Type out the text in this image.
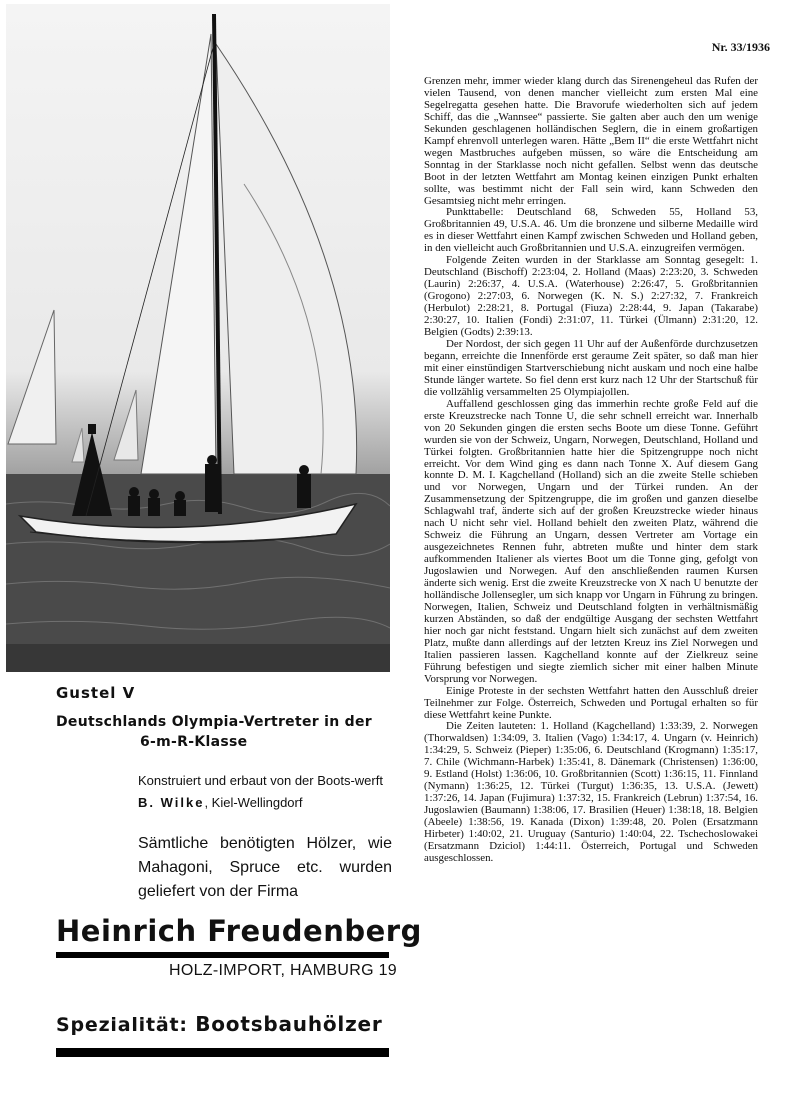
Gustel V
Deutschlands Olympia-Vertreter in der
6-m-R-Klasse
Konstruiert und erbaut von der Boots-werft B. Wilke, Kiel-Wellingdorf
Sämtliche benötigten Hölzer, wie Mahagoni, Spruce etc. wurden geliefert von der Firma
Heinrich Freudenberg
HOLZ-IMPORT, HAMBURG 19
Spezialität: Bootsbauhölzer
Nr. 33/1936

Grenzen mehr, immer wieder klang durch das Sirenengeheul das Rufen der vielen Tausend, von denen mancher vielleicht zum ersten Mal eine Segelregatta gesehen hatte. Die Bravorufe wiederholten sich auf jedem Schiff, das die „Wannsee“ passierte. Sie galten aber auch den um wenige Sekunden geschlagenen holländischen Seglern, die in einem großartigen Kampf ehrenvoll unterlegen waren. Hätte „Bem II“ die erste Wettfahrt nicht wegen Mastbruches aufgeben müssen, so wäre die Entscheidung am Sonntag in der Starklasse noch nicht gefallen. Selbst wenn das deutsche Boot in der letzten Wettfahrt am Montag keinen einzigen Punkt erhalten sollte, was bestimmt nicht der Fall sein wird, kann Schweden den Gesamtsieg nicht mehr erringen.

Punkttabelle: Deutschland 68, Schweden 55, Holland 53, Großbritannien 49, U.S.A. 46. Um die bronzene und silberne Medaille wird es in dieser Wettfahrt einen Kampf zwischen Schweden und Holland geben, in den vielleicht auch Großbritannien und U.S.A. einzugreifen vermögen.

Folgende Zeiten wurden in der Starklasse am Sonntag gesegelt: 1. Deutschland (Bischoff) 2:23:04, 2. Holland (Maas) 2:23:20, 3. Schweden (Laurin) 2:26:37, 4. U.S.A. (Waterhouse) 2:26:47, 5. Großbritannien (Grogono) 2:27:03, 6. Norwegen (K. N. S.) 2:27:32, 7. Frankreich (Herbulot) 2:28:21, 8. Portugal (Fiuza) 2:28:44, 9. Japan (Takarabe) 2:30:27, 10. Italien (Fondi) 2:31:07, 11. Türkei (Ülmann) 2:31:20, 12. Belgien (Godts) 2:39:13.

Der Nordost, der sich gegen 11 Uhr auf der Außenförde durchzusetzen begann, erreichte die Innenförde erst geraume Zeit später, so daß man hier mit einer einstündigen Startverschiebung nicht auskam und noch eine halbe Stunde länger wartete. So fiel denn erst kurz nach 12 Uhr der Startschuß für die vollzählig versammelten 25 Olympiajollen.

Auffallend geschlossen ging das immerhin rechte große Feld auf die erste Kreuzstrecke nach Tonne U, die sehr schnell erreicht war. Innerhalb von 20 Sekunden gingen die ersten sechs Boote um diese Tonne. Geführt wurden sie von der Schweiz, Ungarn, Norwegen, Deutschland, Holland und Türkei folgten. Großbritannien hatte hier die Spitzengruppe noch nicht erreicht. Vor dem Wind ging es dann nach Tonne X. Auf diesem Gang konnte D. M. I. Kagchelland (Holland) sich an die zweite Stelle schieben und vor Norwegen, Ungarn und der Türkei runden. An der Zusammensetzung der Spitzengruppe, die im großen und ganzen dieselbe Schlagwahl traf, änderte sich auf der großen Kreuzstrecke wieder hinaus nach U nicht sehr viel. Holland behielt den zweiten Platz, während die Schweiz die Führung an Ungarn, dessen Vertreter am Vortage ein ausgezeichnetes Rennen fuhr, abtreten mußte und hinter dem stark aufkommenden Italiener als viertes Boot um die Tonne ging, gefolgt von Jugoslawien und Norwegen. Auf den anschließenden raumen Kursen änderte sich wenig. Erst die zweite Kreuzstrecke von X nach U benutzte der holländische Jollensegler, um sich knapp vor Ungarn in Führung zu bringen. Norwegen, Italien, Schweiz und Deutschland folgten in verhältnismäßig kurzen Abständen, so daß der endgültige Ausgang der sechsten Wettfahrt hier noch gar nicht feststand. Ungarn hielt sich zunächst auf dem zweiten Platz, mußte dann allerdings auf der letzten Kreuz ins Ziel Norwegen und Italien passieren lassen. Kagchelland konnte auf der Zielkreuz seine Führung befestigen und siegte ziemlich sicher mit einer halben Minute Vorsprung vor Norwegen.

Einige Proteste in der sechsten Wettfahrt hatten den Ausschluß dreier Teilnehmer zur Folge. Österreich, Schweden und Portugal erhalten so für diese Wettfahrt keine Punkte.

Die Zeiten lauteten: 1. Holland (Kagchelland) 1:33:39, 2. Norwegen (Thorwaldsen) 1:34:09, 3. Italien (Vago) 1:34:17, 4. Ungarn (v. Heinrich) 1:34:29, 5. Schweiz (Pieper) 1:35:06, 6. Deutschland (Krogmann) 1:35:17, 7. Chile (Wichmann-Harbek) 1:35:41, 8. Dänemark (Christensen) 1:36:00, 9. Estland (Holst) 1:36:06, 10. Großbritannien (Scott) 1:36:15, 11. Finnland (Nymann) 1:36:25, 12. Türkei (Turgut) 1:36:35, 13. U.S.A. (Jewett) 1:37:26, 14. Japan (Fujimura) 1:37:32, 15. Frankreich (Lebrun) 1:37:54, 16. Jugoslawien (Baumann) 1:38:06, 17. Brasilien (Heuer) 1:38:18, 18. Belgien (Abeele) 1:38:56, 19. Kanada (Dixon) 1:39:48, 20. Polen (Ersatzmann Hirbeter) 1:40:02, 21. Uruguay (Santurio) 1:40:04, 22. Tschechoslowakei (Ersatzmann Dziciol) 1:44:11. Österreich, Portugal und Schweden ausgeschlossen.
